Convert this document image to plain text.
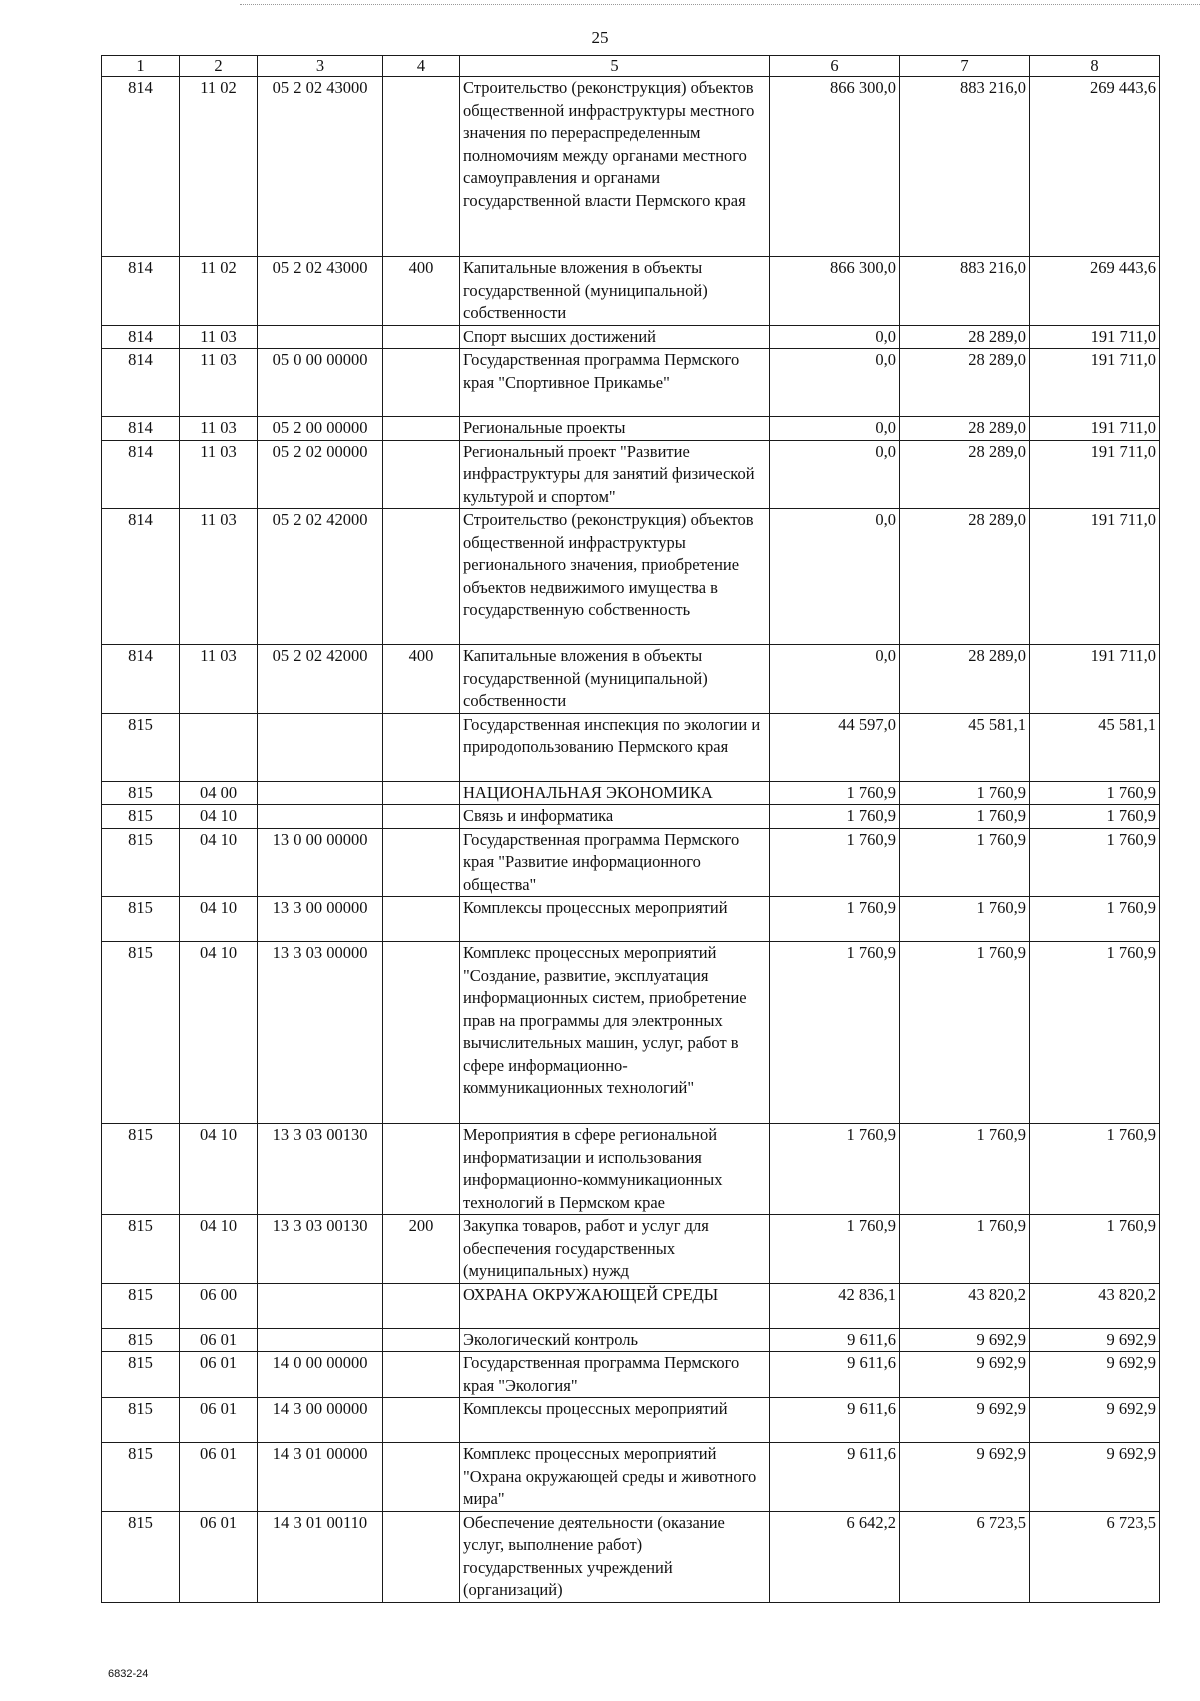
25
1	2	3	4	5	6	7	8
814	11 02	05 2 02 43000		Строительство (реконструкция) объектов общественной инфраструктуры местного значения по перераспределенным полномочиям между органами местного самоуправления и органами государственной власти Пермского края	866 300,0	883 216,0	269 443,6
814	11 02	05 2 02 43000	400	Капитальные вложения в объекты государственной (муниципальной) собственности	866 300,0	883 216,0	269 443,6
814	11 03			Спорт высших достижений	0,0	28 289,0	191 711,0
814	11 03	05 0 00 00000		Государственная программа Пермского края "Спортивное Прикамье"	0,0	28 289,0	191 711,0
814	11 03	05 2 00 00000		Региональные проекты	0,0	28 289,0	191 711,0
814	11 03	05 2 02 00000		Региональный проект "Развитие инфраструктуры для занятий физической культурой и спортом"	0,0	28 289,0	191 711,0
814	11 03	05 2 02 42000		Строительство (реконструкция) объектов общественной инфраструктуры регионального значения, приобретение объектов недвижимого имущества в государственную собственность	0,0	28 289,0	191 711,0
814	11 03	05 2 02 42000	400	Капитальные вложения в объекты государственной (муниципальной) собственности	0,0	28 289,0	191 711,0
815				Государственная инспекция по экологии и природопользованию Пермского края	44 597,0	45 581,1	45 581,1
815	04 00			НАЦИОНАЛЬНАЯ ЭКОНОМИКА	1 760,9	1 760,9	1 760,9
815	04 10			Связь и информатика	1 760,9	1 760,9	1 760,9
815	04 10	13 0 00 00000		Государственная программа Пермского края "Развитие информационного общества"	1 760,9	1 760,9	1 760,9
815	04 10	13 3 00 00000		Комплексы процессных мероприятий	1 760,9	1 760,9	1 760,9
815	04 10	13 3 03 00000		Комплекс процессных мероприятий "Создание, развитие, эксплуатация информационных систем, приобретение прав на программы для электронных вычислительных машин, услуг, работ в сфере информационно-коммуникационных технологий"	1 760,9	1 760,9	1 760,9
815	04 10	13 3 03 00130		Мероприятия в сфере региональной информатизации и использования информационно-коммуникационных технологий в Пермском крае	1 760,9	1 760,9	1 760,9
815	04 10	13 3 03 00130	200	Закупка товаров, работ и услуг для обеспечения государственных (муниципальных) нужд	1 760,9	1 760,9	1 760,9
815	06 00			ОХРАНА ОКРУЖАЮЩЕЙ СРЕДЫ	42 836,1	43 820,2	43 820,2
815	06 01			Экологический контроль	9 611,6	9 692,9	9 692,9
815	06 01	14 0 00 00000		Государственная программа Пермского края "Экология"	9 611,6	9 692,9	9 692,9
815	06 01	14 3 00 00000		Комплексы процессных мероприятий	9 611,6	9 692,9	9 692,9
815	06 01	14 3 01 00000		Комплекс процессных мероприятий "Охрана окружающей среды и животного мира"	9 611,6	9 692,9	9 692,9
815	06 01	14 3 01 00110		Обеспечение деятельности (оказание услуг, выполнение работ) государственных учреждений (организаций)	6 642,2	6 723,5	6 723,5
6832-24
